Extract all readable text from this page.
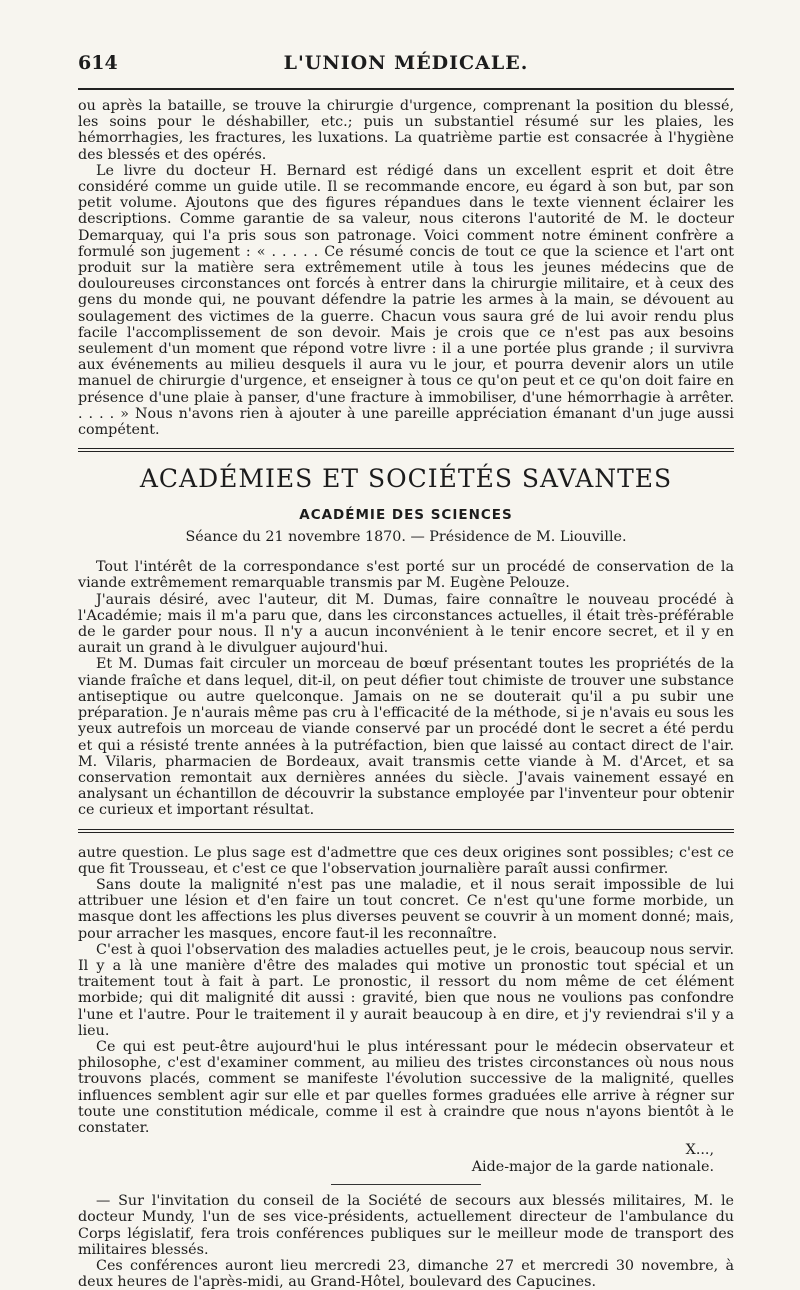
614	L'UNION MÉDICALE.

ou après la bataille, se trouve la chirurgie d'urgence, comprenant la position du blessé, les soins pour le déshabiller, etc.; puis un substantiel résumé sur les plaies, les hémorrhagies, les fractures, les luxations. La quatrième partie est consacrée à l'hygiène des blessés et des opérés.

Le livre du docteur H. Bernard est rédigé dans un excellent esprit et doit être considéré comme un guide utile. Il se recommande encore, eu égard à son but, par son petit volume. Ajoutons que des figures répandues dans le texte viennent éclairer les descriptions. Comme garantie de sa valeur, nous citerons l'autorité de M. le docteur Demarquay, qui l'a pris sous son patronage. Voici comment notre éminent confrère a formulé son jugement : « . . . . . Ce résumé concis de tout ce que la science et l'art ont produit sur la matière sera extrêmement utile à tous les jeunes médecins que de douloureuses circonstances ont forcés à entrer dans la chirurgie militaire, et à ceux des gens du monde qui, ne pouvant défendre la patrie les armes à la main, se dévouent au soulagement des victimes de la guerre. Chacun vous saura gré de lui avoir rendu plus facile l'accomplissement de son devoir. Mais je crois que ce n'est pas aux besoins seulement d'un moment que répond votre livre : il a une portée plus grande ; il survivra aux événements au milieu desquels il aura vu le jour, et pourra devenir alors un utile manuel de chirurgie d'urgence, et enseigner à tous ce qu'on peut et ce qu'on doit faire en présence d'une plaie à panser, d'une fracture à immobiliser, d'une hémorrhagie à arrêter. . . . . » Nous n'avons rien à ajouter à une pareille appréciation émanant d'un juge aussi compétent.

ACADÉMIES ET SOCIÉTÉS SAVANTES
ACADÉMIE DES SCIENCES
Séance du 21 novembre 1870. — Présidence de M. Liouville.

Tout l'intérêt de la correspondance s'est porté sur un procédé de conservation de la viande extrêmement remarquable transmis par M. Eugène Pelouze.

J'aurais désiré, avec l'auteur, dit M. Dumas, faire connaître le nouveau procédé à l'Académie; mais il m'a paru que, dans les circonstances actuelles, il était très-préférable de le garder pour nous. Il n'y a aucun inconvénient à le tenir encore secret, et il y en aurait un grand à le divulguer aujourd'hui.

Et M. Dumas fait circuler un morceau de bœuf présentant toutes les propriétés de la viande fraîche et dans lequel, dit-il, on peut défier tout chimiste de trouver une substance antiseptique ou autre quelconque. Jamais on ne se douterait qu'il a pu subir une préparation. Je n'aurais même pas cru à l'efficacité de la méthode, si je n'avais eu sous les yeux autrefois un morceau de viande conservé par un procédé dont le secret a été perdu et qui a résisté trente années à la putréfaction, bien que laissé au contact direct de l'air. M. Vilaris, pharmacien de Bordeaux, avait transmis cette viande à M. d'Arcet, et sa conservation remontait aux dernières années du siècle. J'avais vainement essayé en analysant un échantillon de découvrir la substance employée par l'inventeur pour obtenir ce curieux et important résultat.

autre question. Le plus sage est d'admettre que ces deux origines sont possibles; c'est ce que fit Trousseau, et c'est ce que l'observation journalière paraît aussi confirmer.

Sans doute la malignité n'est pas une maladie, et il nous serait impossible de lui attribuer une lésion et d'en faire un tout concret. Ce n'est qu'une forme morbide, un masque dont les affections les plus diverses peuvent se couvrir à un moment donné; mais, pour arracher les masques, encore faut-il les reconnaître.

C'est à quoi l'observation des maladies actuelles peut, je le crois, beaucoup nous servir. Il y a là une manière d'être des malades qui motive un pronostic tout spécial et un traitement tout à fait à part. Le pronostic, il ressort du nom même de cet élément morbide; qui dit malignité dit aussi : gravité, bien que nous ne voulions pas confondre l'une et l'autre. Pour le traitement il y aurait beaucoup à en dire, et j'y reviendrai s'il y a lieu.

Ce qui est peut-être aujourd'hui le plus intéressant pour le médecin observateur et philosophe, c'est d'examiner comment, au milieu des tristes circonstances où nous nous trouvons placés, comment se manifeste l'évolution successive de la malignité, quelles influences semblent agir sur elle et par quelles formes graduées elle arrive à régner sur toute une constitution médicale, comme il est à craindre que nous n'ayons bientôt à le constater.

X...,
Aide-major de la garde nationale.

— Sur l'invitation du conseil de la Société de secours aux blessés militaires, M. le docteur Mundy, l'un de ses vice-présidents, actuellement directeur de l'ambulance du Corps législatif, fera trois conférences publiques sur le meilleur mode de transport des militaires blessés.

Ces conférences auront lieu mercredi 23, dimanche 27 et mercredi 30 novembre, à deux heures de l'après-midi, au Grand-Hôtel, boulevard des Capucines.
